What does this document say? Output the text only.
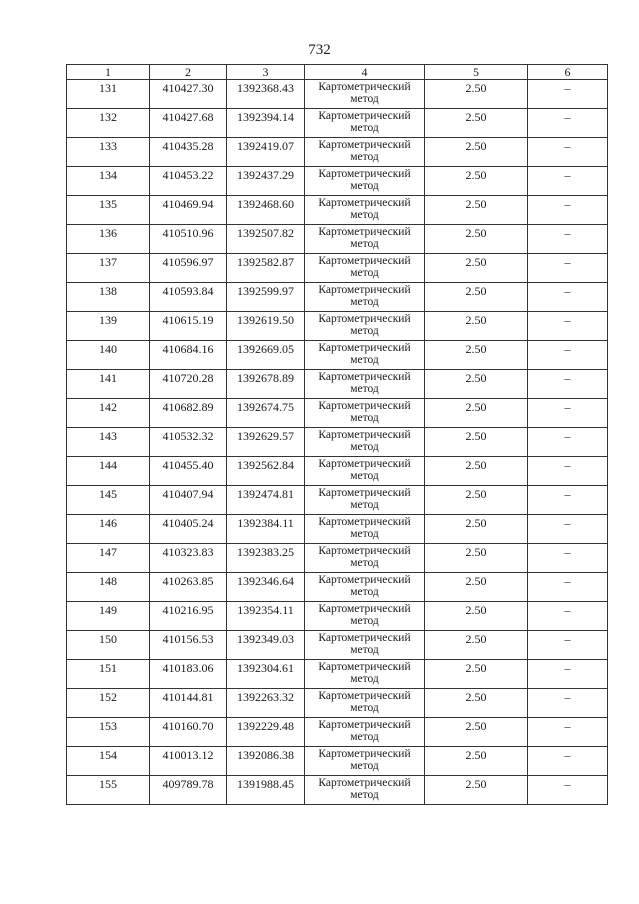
732
1	2	3	4	5	6
131	410427.30	1392368.43	Картометрический метод	2.50	–
132	410427.68	1392394.14	Картометрический метод	2.50	–
133	410435.28	1392419.07	Картометрический метод	2.50	–
134	410453.22	1392437.29	Картометрический метод	2.50	–
135	410469.94	1392468.60	Картометрический метод	2.50	–
136	410510.96	1392507.82	Картометрический метод	2.50	–
137	410596.97	1392582.87	Картометрический метод	2.50	–
138	410593.84	1392599.97	Картометрический метод	2.50	–
139	410615.19	1392619.50	Картометрический метод	2.50	–
140	410684.16	1392669.05	Картометрический метод	2.50	–
141	410720.28	1392678.89	Картометрический метод	2.50	–
142	410682.89	1392674.75	Картометрический метод	2.50	–
143	410532.32	1392629.57	Картометрический метод	2.50	–
144	410455.40	1392562.84	Картометрический метод	2.50	–
145	410407.94	1392474.81	Картометрический метод	2.50	–
146	410405.24	1392384.11	Картометрический метод	2.50	–
147	410323.83	1392383.25	Картометрический метод	2.50	–
148	410263.85	1392346.64	Картометрический метод	2.50	–
149	410216.95	1392354.11	Картометрический метод	2.50	–
150	410156.53	1392349.03	Картометрический метод	2.50	–
151	410183.06	1392304.61	Картометрический метод	2.50	–
152	410144.81	1392263.32	Картометрический метод	2.50	–
153	410160.70	1392229.48	Картометрический метод	2.50	–
154	410013.12	1392086.38	Картометрический метод	2.50	–
155	409789.78	1391988.45	Картометрический метод	2.50	–
